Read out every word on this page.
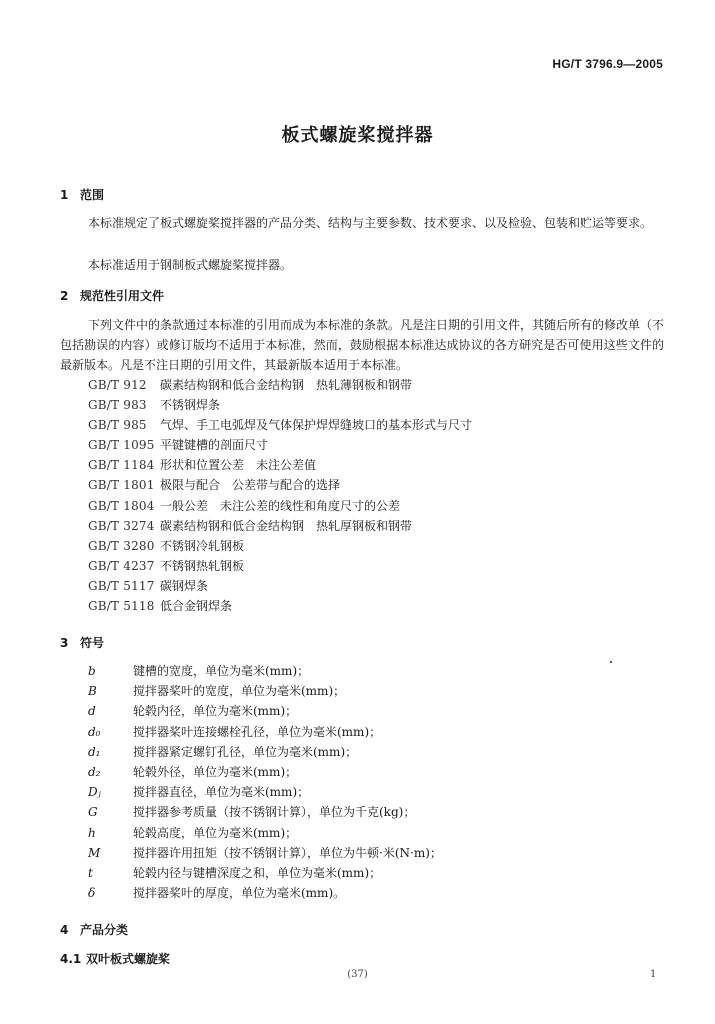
HG/T 3796.9—2005
板式螺旋桨搅拌器
1 范围
本标准规定了板式螺旋桨搅拌器的产品分类、结构与主要参数、技术要求、以及检验、包装和贮运等要求。
本标准适用于钢制板式螺旋桨搅拌器。
2 规范性引用文件
下列文件中的条款通过本标准的引用而成为本标准的条款。凡是注日期的引用文件，其随后所有的修改单（不包括勘误的内容）或修订版均不适用于本标准，然而，鼓励根据本标准达成协议的各方研究是否可使用这些文件的最新版本。凡是不注日期的引用文件，其最新版本适用于本标准。
GB/T 912 碳素结构钢和低合金结构钢　热轧薄钢板和钢带
GB/T 983 不锈钢焊条
GB/T 985 气焊、手工电弧焊及气体保护焊焊缝坡口的基本形式与尺寸
GB/T 1095 平键键槽的剖面尺寸
GB/T 1184 形状和位置公差　未注公差值
GB/T 1801 极限与配合　公差带与配合的选择
GB/T 1804 一般公差　未注公差的线性和角度尺寸的公差
GB/T 3274 碳素结构钢和低合金结构钢　热轧厚钢板和钢带
GB/T 3280 不锈钢冷轧钢板
GB/T 4237 不锈钢热轧钢板
GB/T 5117 碳钢焊条
GB/T 5118 低合金钢焊条
3 符号
b	键槽的宽度，单位为毫米(mm)；
B	搅拌器桨叶的宽度，单位为毫米(mm)；
d	轮毂内径，单位为毫米(mm)；
d₀	搅拌器桨叶连接螺栓孔径，单位为毫米(mm)；
d₁	搅拌器紧定螺钉孔径，单位为毫米(mm)；
d₂	轮毂外径，单位为毫米(mm)；
Dⱼ	搅拌器直径，单位为毫米(mm)；
G	搅拌器参考质量（按不锈钢计算），单位为千克(kg)；
h	轮毂高度，单位为毫米(mm)；
M	搅拌器许用扭矩（按不锈钢计算），单位为牛顿·米(N·m)；
t	轮毂内径与键槽深度之和，单位为毫米(mm)；
δ	搅拌器桨叶的厚度，单位为毫米(mm)。
4 产品分类
4.1 双叶板式螺旋桨
(37)	1
